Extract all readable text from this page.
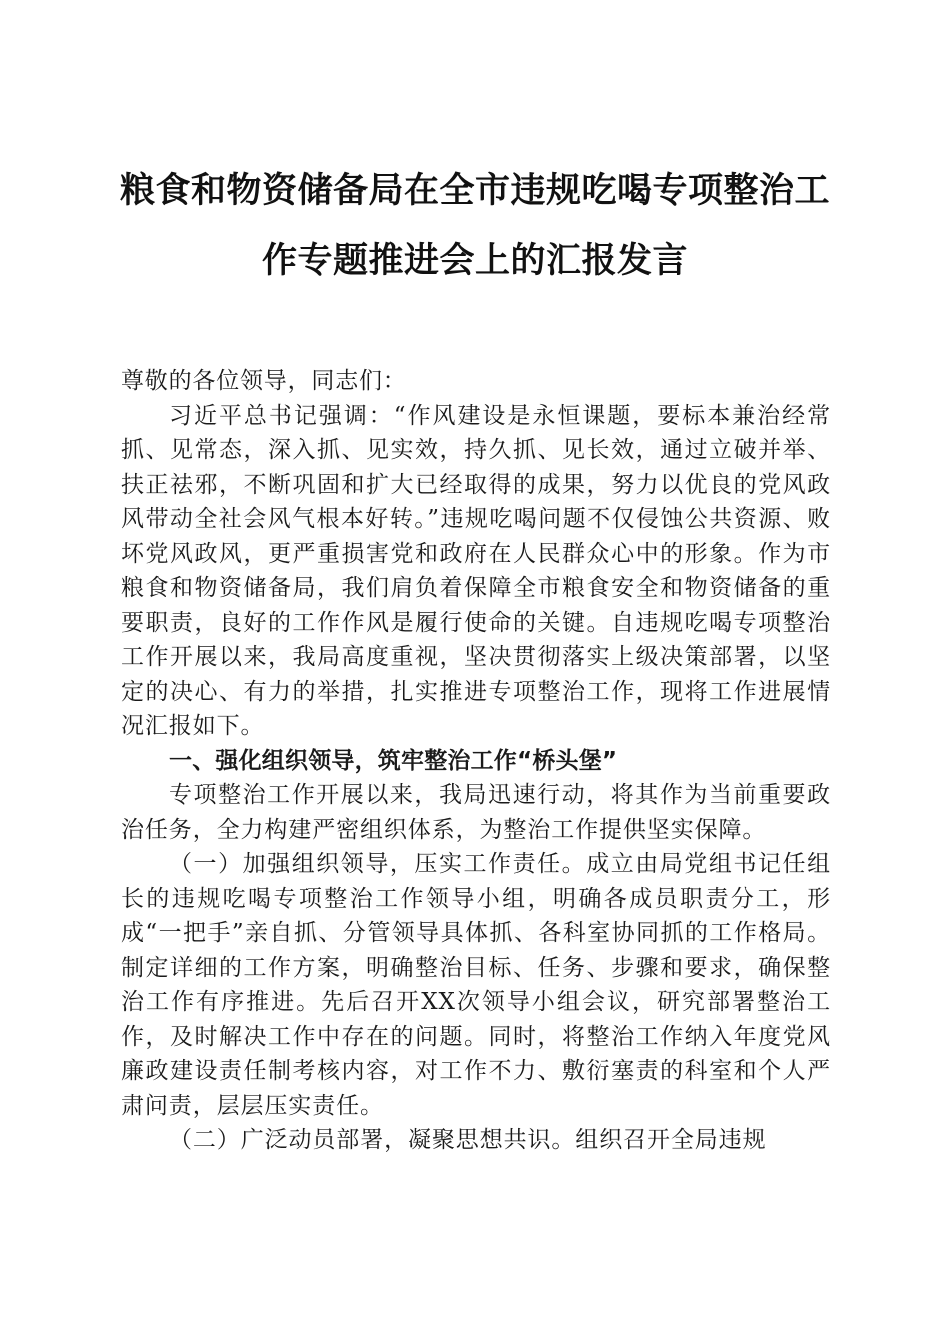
粮食和物资储备局在全市违规吃喝专项整治工
作专题推进会上的汇报发言

尊敬的各位领导，同志们：

习近平总书记强调：“作风建设是永恒课题，要标本兼治经常抓、见常态，深入抓、见实效，持久抓、见长效，通过立破并举、扶正祛邪，不断巩固和扩大已经取得的成果，努力以优良的党风政风带动全社会风气根本好转。”违规吃喝问题不仅侵蚀公共资源、败坏党风政风，更严重损害党和政府在人民群众心中的形象。作为市粮食和物资储备局，我们肩负着保障全市粮食安全和物资储备的重要职责，良好的工作作风是履行使命的关键。自违规吃喝专项整治工作开展以来，我局高度重视，坚决贯彻落实上级决策部署，以坚定的决心、有力的举措，扎实推进专项整治工作，现将工作进展情况汇报如下。

一、强化组织领导，筑牢整治工作“桥头堡”

专项整治工作开展以来，我局迅速行动，将其作为当前重要政治任务，全力构建严密组织体系，为整治工作提供坚实保障。

（一）加强组织领导，压实工作责任。成立由局党组书记任组长的违规吃喝专项整治工作领导小组，明确各成员职责分工，形成“一把手”亲自抓、分管领导具体抓、各科室协同抓的工作格局。制定详细的工作方案，明确整治目标、任务、步骤和要求，确保整治工作有序推进。先后召开XX次领导小组会议，研究部署整治工作，及时解决工作中存在的问题。同时，将整治工作纳入年度党风廉政建设责任制考核内容，对工作不力、敷衍塞责的科室和个人严肃问责，层层压实责任。

（二）广泛动员部署，凝聚思想共识。组织召开全局违规
